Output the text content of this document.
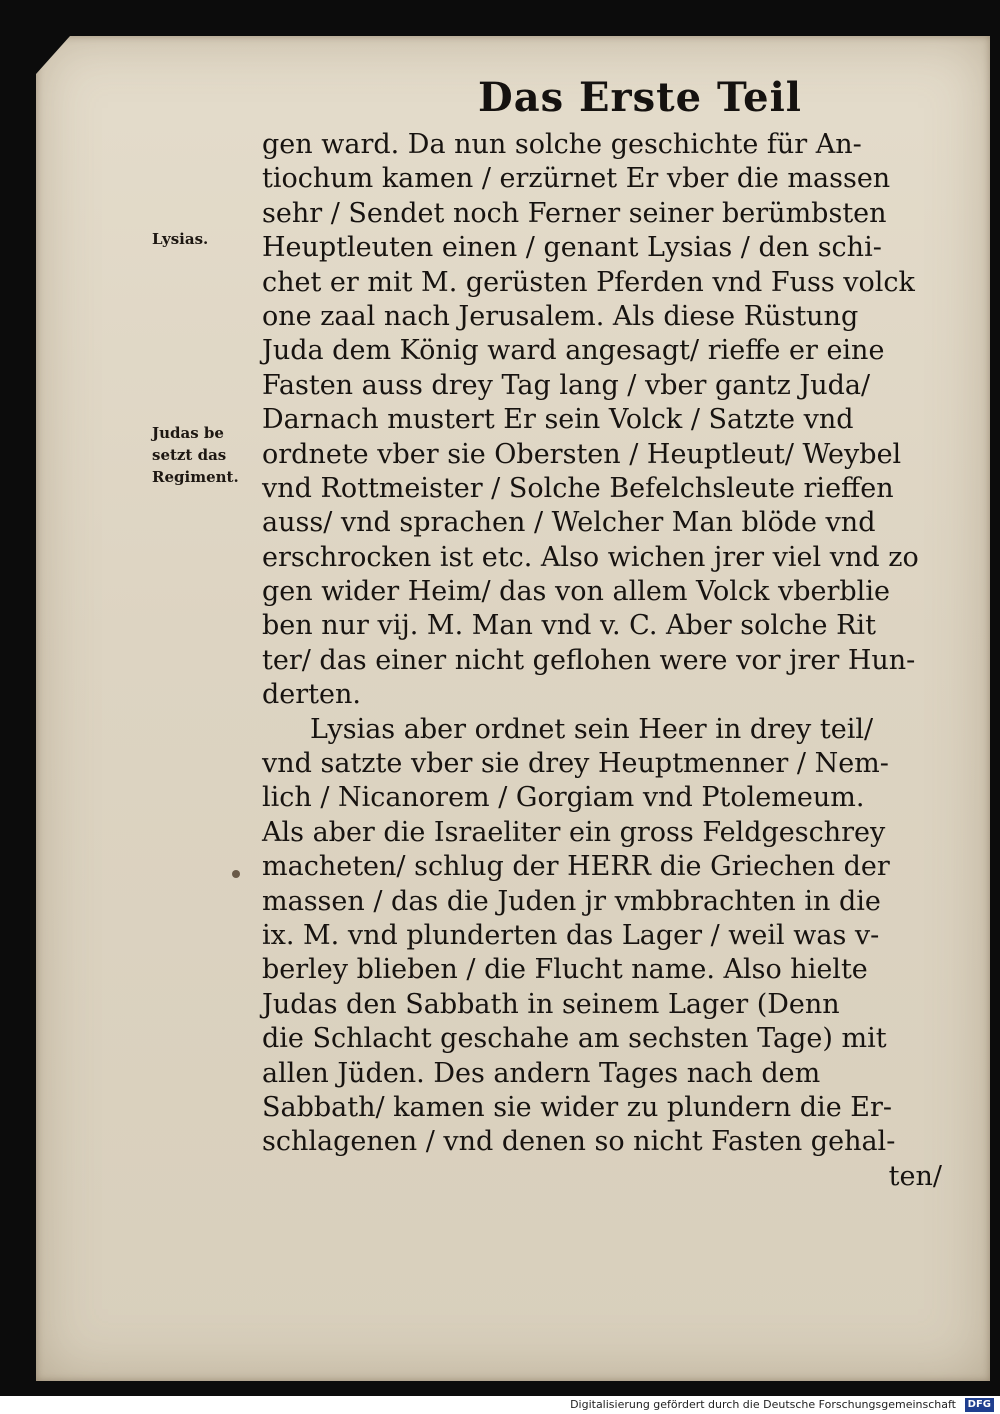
Das Erste Teil
Lysias.
Judas be
setzt das
Regiment.
gen ward. Da nun solche geschichte für An-
tiochum kamen / erzürnet Er vber die massen
sehr / Sendet noch Ferner seiner berümbsten
Heuptleuten einen / genant Lysias / den schi-
chet er mit M. gerüsten Pferden vnd Fuss volck
one zaal nach Jerusalem. Als diese Rüstung
Juda dem König ward angesagt/ rieffe er eine
Fasten auss drey Tag lang / vber gantz Juda/
Darnach mustert Er sein Volck / Satzte vnd
ordnete vber sie Obersten / Heuptleut/ Weybel
vnd Rottmeister / Solche Befelchsleute rieffen
auss/ vnd sprachen / Welcher Man blöde vnd
erschrocken ist etc. Also wichen jrer viel vnd zo
gen wider Heim/ das von allem Volck vberblie
ben nur vij. M. Man vnd v. C. Aber solche Rit
ter/ das einer nicht geflohen were vor jrer Hun-
derten.
Lysias aber ordnet sein Heer in drey teil/
vnd satzte vber sie drey Heuptmenner / Nem-
lich / Nicanorem / Gorgiam vnd Ptolemeum.
Als aber die Israeliter ein gross Feldgeschrey
macheten/ schlug der HERR die Griechen der
massen / das die Juden jr vmbbrachten in die
ix. M. vnd plunderten das Lager / weil was v-
berley blieben / die Flucht name. Also hielte
Judas den Sabbath in seinem Lager (Denn
die Schlacht geschahe am sechsten Tage) mit
allen Jüden. Des andern Tages nach dem
Sabbath/ kamen sie wider zu plundern die Er-
schlagenen / vnd denen so nicht Fasten gehal-
ten/
Digitalisierung gefördert durch die Deutsche Forschungsgemeinschaft	DFG
